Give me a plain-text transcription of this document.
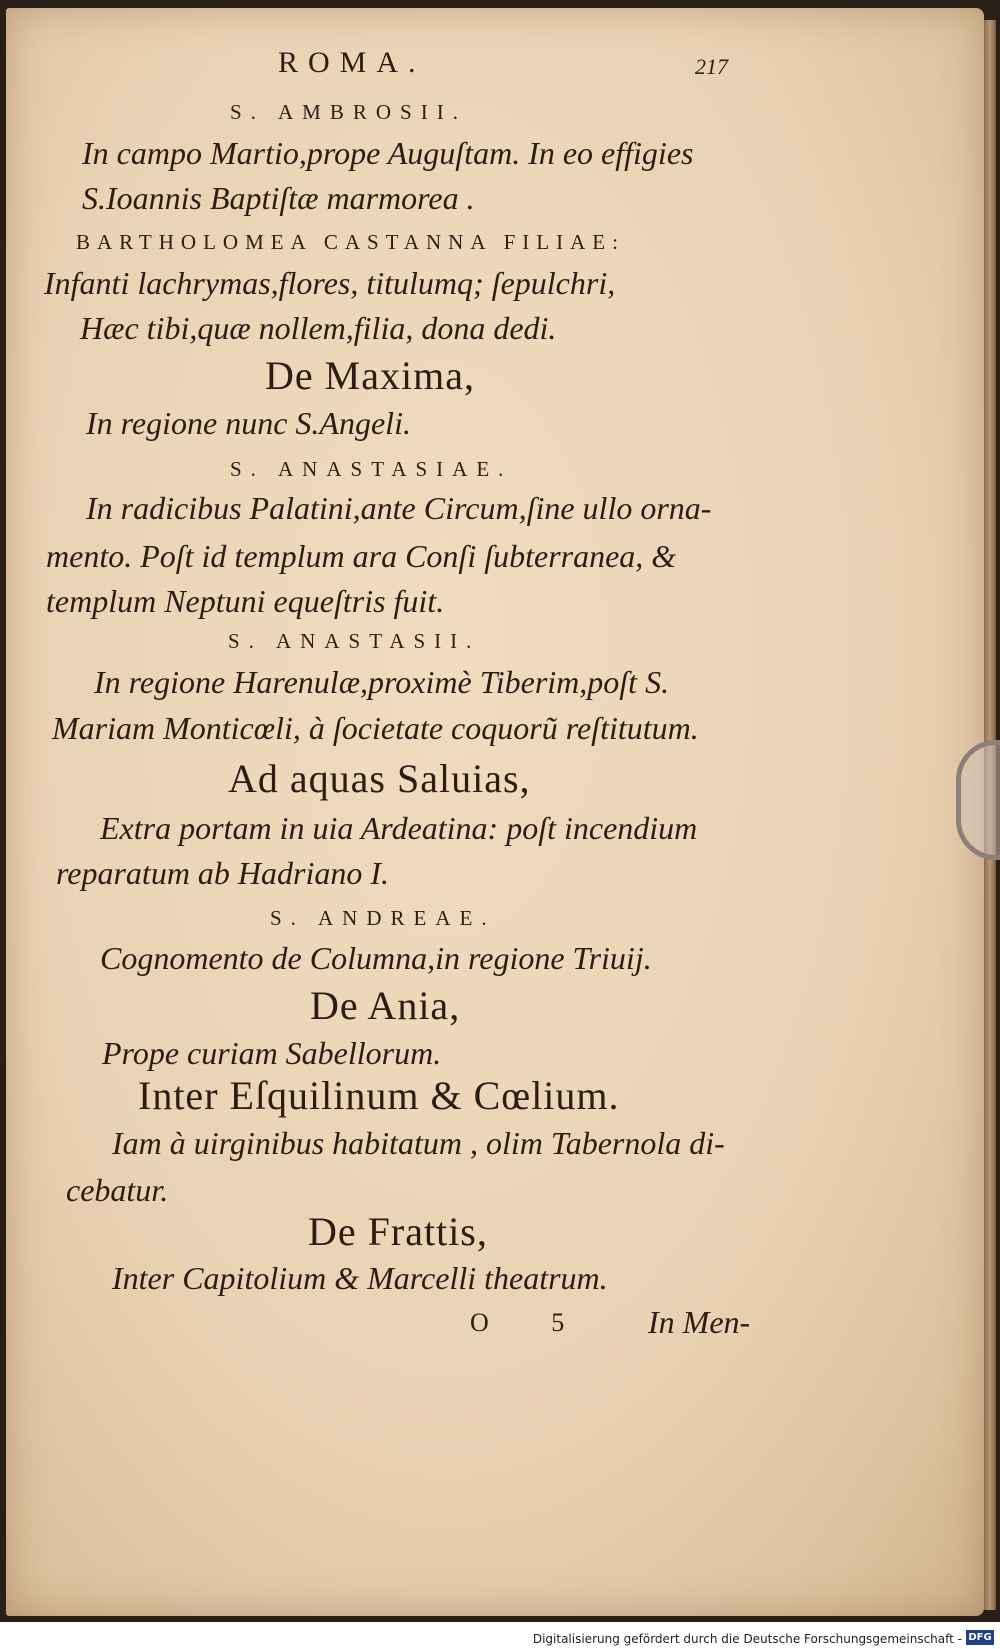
ROMA.	217
S. AMBROSII.
In campo Martio,prope Auguſtam. In eo effigies
S.Ioannis Baptiſtæ marmorea .
BARTHOLOMEA CASTANNA FILIAE:
Infanti lachrymas,flores, titulumq; ſepulchri,
Hæc tibi,quæ nollem,filia, dona dedi.
De Maxima,
In regione nunc S.Angeli.
S. ANASTASIAE.
In radicibus Palatini,ante Circum,ſine ullo orna-
mento. Poſt id templum ara Conſi ſubterranea, &
templum Neptuni equeſtris fuit.
S. ANASTASII.
In regione Harenulæ,proximè Tiberim,poſt S.
Mariam Monticœli, à ſocietate coquorũ reſtitutum.
Ad aquas Saluias,
Extra portam in uia Ardeatina: poſt incendium
reparatum ab Hadriano I.
S. ANDREAE.
Cognomento de Columna,in regione Triuij.
De Ania,
Prope curiam Sabellorum.
Inter Eſquilinum & Cœlium.
Iam à uirginibus habitatum , olim Tabernola di-
cebatur.
De Frattis,
Inter Capitolium & Marcelli theatrum.
O 5 In Men-
Digitalisierung gefördert durch die Deutsche Forschungsgemeinschaft - DFG
